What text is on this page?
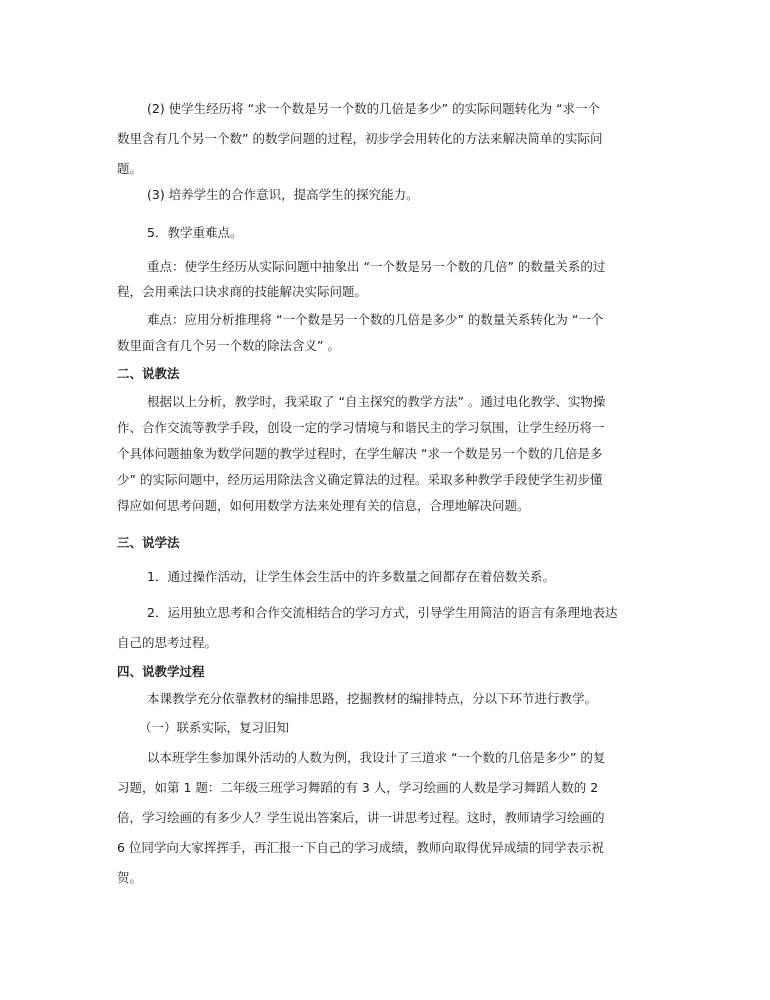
(2) 使学生经历将 “求一个数是另一个数的几倍是多少” 的实际问题转化为 “求一个
数里含有几个另一个数” 的数学问题的过程，初步学会用转化的方法来解决简单的实际问
题。
(3) 培养学生的合作意识，提高学生的探究能力。
5．教学重难点。
重点：使学生经历从实际问题中抽象出 “一个数是另一个数的几倍” 的数量关系的过
程，会用乘法口诀求商的技能解决实际问题。
难点：应用分析推理将 “一个数是另一个数的几倍是多少” 的数量关系转化为 “一个
数里面含有几个另一个数的除法含义” 。
二、说教法
根据以上分析，教学时，我采取了 “自主探究的教学方法” 。通过电化教学、实物操
作、合作交流等教学手段，创设一定的学习情境与和谐民主的学习氛围，让学生经历将一
个具体问题抽象为数学问题的教学过程时，在学生解决 “求一个数是另一个数的几倍是多
少” 的实际问题中，经历运用除法含义确定算法的过程。采取多种教学手段使学生初步懂
得应如何思考问题，如何用数学方法来处理有关的信息，合理地解决问题。
三、说学法
1．通过操作活动，让学生体会生活中的许多数量之间都存在着倍数关系。
2．运用独立思考和合作交流相结合的学习方式，引导学生用简洁的语言有条理地表达
自己的思考过程。
四、说教学过程
本课教学充分依靠教材的编排思路，挖掘教材的编排特点，分以下环节进行教学。
（一）联系实际，复习旧知
以本班学生参加课外活动的人数为例，我设计了三道求 “一个数的几倍是多少” 的复
习题，如第 1 题：二年级三班学习舞蹈的有 3 人，学习绘画的人数是学习舞蹈人数的 2
倍，学习绘画的有多少人？学生说出答案后，讲一讲思考过程。这时，教师请学习绘画的
6 位同学向大家挥挥手，再汇报一下自己的学习成绩，教师向取得优异成绩的同学表示祝
贺。
